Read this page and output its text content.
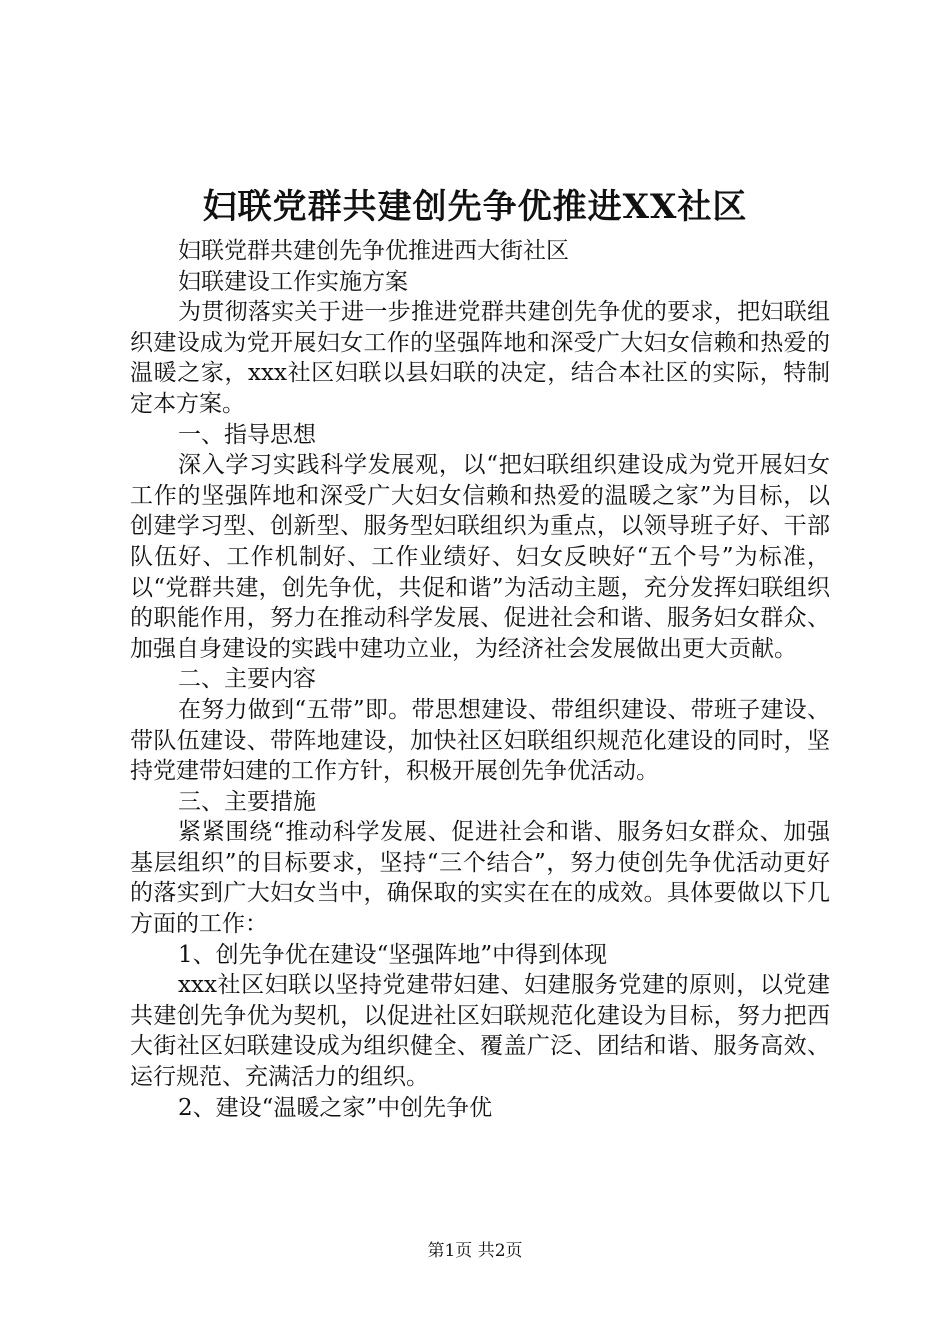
妇联党群共建创先争优推进XX社区

妇联党群共建创先争优推进西大街社区

妇联建设工作实施方案

为贯彻落实关于进一步推进党群共建创先争优的要求，把妇联组织建设成为党开展妇女工作的坚强阵地和深受广大妇女信赖和热爱的温暖之家，xxx社区妇联以县妇联的决定，结合本社区的实际，特制定本方案。

一、指导思想

深入学习实践科学发展观，以“把妇联组织建设成为党开展妇女工作的坚强阵地和深受广大妇女信赖和热爱的温暖之家”为目标，以创建学习型、创新型、服务型妇联组织为重点，以领导班子好、干部队伍好、工作机制好、工作业绩好、妇女反映好“五个号”为标准，以“党群共建，创先争优，共促和谐”为活动主题，充分发挥妇联组织的职能作用，努力在推动科学发展、促进社会和谐、服务妇女群众、加强自身建设的实践中建功立业，为经济社会发展做出更大贡献。

二、主要内容

在努力做到“五带”即。带思想建设、带组织建设、带班子建设、带队伍建设、带阵地建设，加快社区妇联组织规范化建设的同时，坚持党建带妇建的工作方针，积极开展创先争优活动。

三、主要措施

紧紧围绕“推动科学发展、促进社会和谐、服务妇女群众、加强基层组织”的目标要求，坚持“三个结合”，努力使创先争优活动更好的落实到广大妇女当中，确保取的实实在在的成效。具体要做以下几方面的工作：

1、创先争优在建设“坚强阵地”中得到体现

xxx社区妇联以坚持党建带妇建、妇建服务党建的原则，以党建共建创先争优为契机，以促进社区妇联规范化建设为目标，努力把西大街社区妇联建设成为组织健全、覆盖广泛、团结和谐、服务高效、运行规范、充满活力的组织。

2、建设“温暖之家”中创先争优

第1页 共2页
